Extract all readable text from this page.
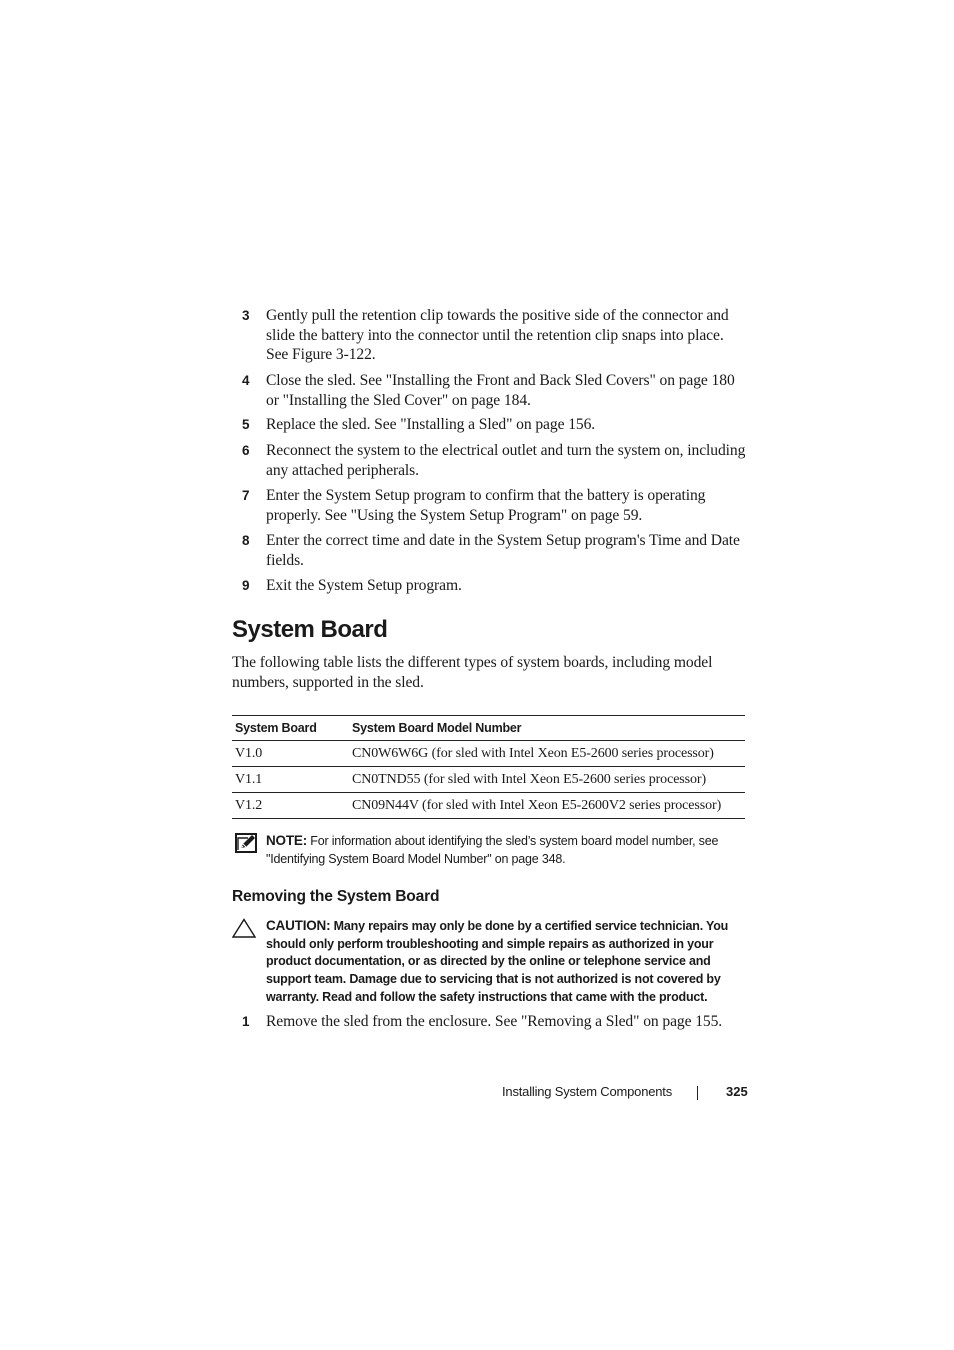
3 Gently pull the retention clip towards the positive side of the connector and slide the battery into the connector until the retention clip snaps into place. See Figure 3-122.
4 Close the sled. See "Installing the Front and Back Sled Covers" on page 180 or "Installing the Sled Cover" on page 184.
5 Replace the sled. See "Installing a Sled" on page 156.
6 Reconnect the system to the electrical outlet and turn the system on, including any attached peripherals.
7 Enter the System Setup program to confirm that the battery is operating properly. See "Using the System Setup Program" on page 59.
8 Enter the correct time and date in the System Setup program's Time and Date fields.
9 Exit the System Setup program.
System Board
The following table lists the different types of system boards, including model numbers, supported in the sled.
System Board	System Board Model Number
V1.0	CN0W6W6G (for sled with Intel Xeon E5-2600 series processor)
V1.1	CN0TND55 (for sled with Intel Xeon E5-2600 series processor)
V1.2	CN09N44V (for sled with Intel Xeon E5-2600V2 series processor)
NOTE: For information about identifying the sled’s system board model number, see "Identifying System Board Model Number" on page 348.
Removing the System Board
CAUTION: Many repairs may only be done by a certified service technician. You should only perform troubleshooting and simple repairs as authorized in your product documentation, or as directed by the online or telephone service and support team. Damage due to servicing that is not authorized is not covered by warranty. Read and follow the safety instructions that came with the product.
1 Remove the sled from the enclosure. See "Removing a Sled" on page 155.
Installing System Components	325
